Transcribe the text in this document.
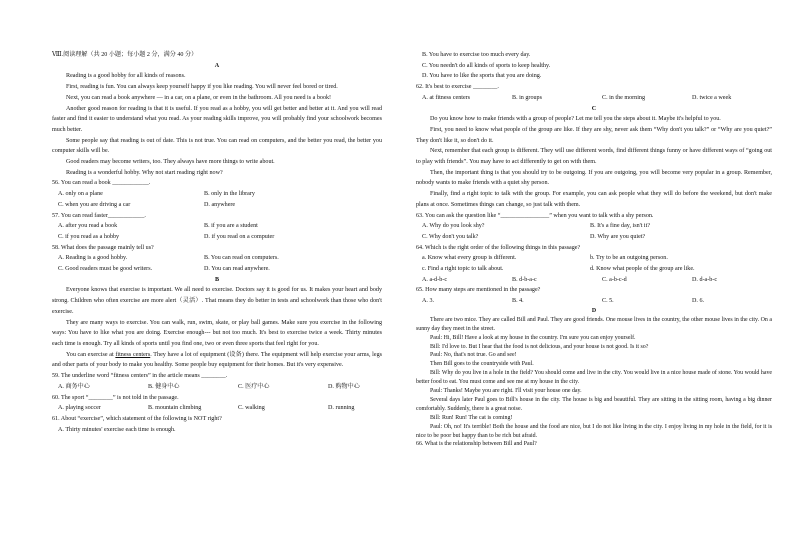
Ⅷ.阅读理解（共 20 小题；每小题 2 分，满分 40 分）
A

Reading is a good hobby for all kinds of reasons.

First, reading is fun. You can always keep yourself happy if you like reading. You will never feel bored or tired.

Next, you can read a book anywhere — in a car, on a plane, or even in the bathroom. All you need is a book!

Another good reason for reading is that it is useful. If you read as a hobby, you will get better and better at it. And you will read faster and find it easier to understand what you read. As your reading skills improve, you will probably find your schoolwork becomes much better.

Some people say that reading is out of date. This is not true. You can read on computers, and the better you read, the better you computer skills will be.

Good readers may become writers, too. They always have more things to write about.

Reading is a wonderful hobby. Why not start reading right now?

56. You can read a book ____________.
A. only on a plane	B. only in the library
C. when you are driving a car	D. anywhere
57. You can read faster____________.
A. after you read a book	B. if you are a student
C. if you read as a hobby	D. if you read on a computer
58. What does the passage mainly tell us?
A. Reading is a good hobby.	B. You can read on computers.
C. Good readers must be good writers.	D. You can read anywhere.
B

Everyone knows that exercise is important. We all need to exercise. Doctors say it is good for us. It makes your heart and body strong. Children who often exercise are more alert（灵活）. That means they do better in tests and schoolwork than those who don't exercise.

They are many ways to exercise. You can walk, run, swim, skate, or play ball games. Make sure you exercise in the following ways: You have to like what you are doing. Exercise enough--- but not too much. It's best to exercise twice a week. Thirty minutes each time is enough. Try all kinds of sports until you find one, two or even three sports that feel right for you.

You can exercise at fitness centers. They have a lot of equipment (设备) there. The equipment will help exercise your arms, legs and other parts of your body to make you healthy. Some people buy equipment for their homes. But it's very expensive.

59. The underline word “fitness centers” in the article means ________.
A. 商务中心	B. 健身中心	C. 医疗中心	D. 购物中心
60. The sport “________” is not told in the passage.
A. playing soccer	B. mountain climbing	C. walking	D. running
61. About “exercise”, which statement of the following is NOT right?
A. Thirty minutes' exercise each time is enough.
B. You have to exercise too much every day.
C. You needn't do all kinds of sports to keep healthy.
D. You have to like the sports that you are doing.
62. It's best to exercise ________.
A. at fitness centers	B. in groups	C. in the morning	D. twice a week
C

Do you know how to make friends with a group of people? Let me tell you the steps about it. Maybe it's helpful to you.

First, you need to know what people of the group are like. If they are shy, never ask them “Why don't you talk?” or “Why are you quiet?” They don't like it, so don't do it.

Next, remember that each group is different. They will use different words, find different things funny or have different ways of “going out to play with friends”. You may have to act differently to get on with them.

Then, the important thing is that you should try to be outgoing. If you are outgoing, you will become very popular in a group. Remember, nobody wants to make friends with a quiet shy person.

Finally, find a right topic to talk with the group. For example, you can ask people what they will do before the weekend, but don't make plans at once. Sometimes things can change, so just talk with them.

63. You can ask the question like “________________” when you want to talk with a shy person.
A. Why do you look shy?	B. It's a fine day, isn't it?
C. Why don't you talk?	D. Why are you quiet?
64. Which is the right order of the following things in this passage?
a. Know what every group is different.	b. Try to be an outgoing person.
c. Find a right topic to talk about.	d. Know what people of the group are like.
A. a-d-b-c	B. d-b-a-c	C. a-b-c-d	D. d-a-b-c
65. How many steps are mentioned in the passage?
A. 3.	B. 4.	C. 5.	D. 6.
D

There are two mice. They are called Bill and Paul. They are good friends. One mouse lives in the country, the other mouse lives in the city. On a sunny day they meet in the street.

Paul: Hi, Bill! Have a look at my house in the country. I'm sure you can enjoy yourself.

Bill: I'd love to. But I hear that the food is not delicious, and your house is not good. Is it so?

Paul: No, that's not true. Go and see!

Then Bill goes to the countryside with Paul.

Bill: Why do you live in a hole in the field? You should come and live in the city. You would live in a nice house made of stone. You would have better food to eat. You must come and see me at my house in the city.

Paul: Thanks! Maybe you are right. I'll visit your house one day.

Several days later Paul goes to Bill's house in the city. The house is big and beautiful. They are sitting in the sitting room, having a big dinner comfortably. Suddenly, there is a great noise.

Bill: Run! Run! The cat is coming!

Paul: Oh, no! It's terrible! Both the house and the food are nice, but I do not like living in the city. I enjoy living in my hole in the field, for it is nice to be poor but happy than to be rich but afraid.

66. What is the relationship between Bill and Paul?
